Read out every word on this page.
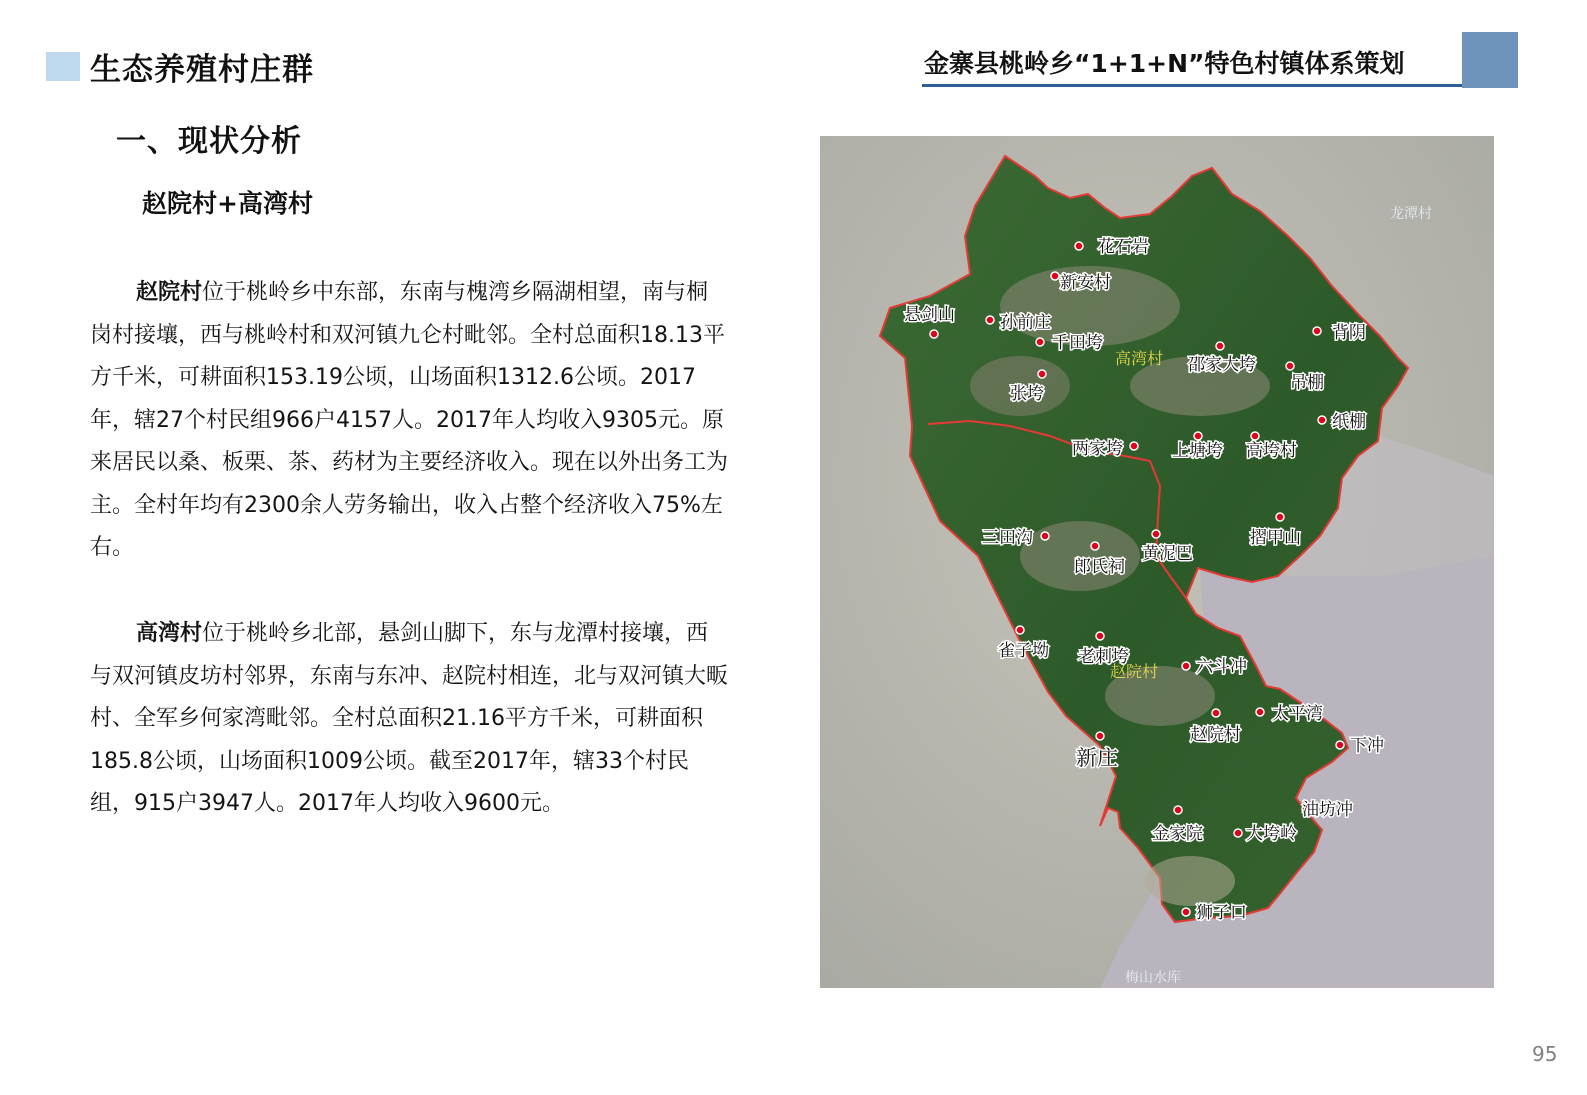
生态养殖村庄群	金寨县桃岭乡“1+1+N”特色村镇体系策划
一、现状分析
赵院村+高湾村
赵院村位于桃岭乡中东部，东南与槐湾乡隔湖相望，南与桐岗村接壤，西与桃岭村和双河镇九仑村毗邻。全村总面积18.13平方千米，可耕面积153.19公顷，山场面积1312.6公顷。2017年，辖27个村民组966户4157人。2017年人均收入9305元。原来居民以桑、板栗、茶、药材为主要经济收入。现在以外出务工为主。全村年均有2300余人劳务输出，收入占整个经济收入75%左右。
高湾村位于桃岭乡北部，悬剑山脚下，东与龙潭村接壤，西与双河镇皮坊村邻界，东南与东冲、赵院村相连，北与双河镇大畈村、全军乡何家湾毗邻。全村总面积21.16平方千米，可耕面积185.8公顷，山场面积1009公顷。截至2017年，辖33个村民组，915户3947人。2017年人均收入9600元。
龙潭村
梅山水库
高湾村
赵院村
花石岩
新安村
悬剑山	孙前庄
千田垮	背阴
邵家大垮
吊棚
张垮
纸棚
两家垮	上塘垮 高垮村
三田沟
黄泥巴
郎氏祠
摺甲山
雀子坳 老刺垮	六斗冲
太平湾
赵院村
下冲
新庄
油坊冲
金家院	大垮岭
狮子口
95
